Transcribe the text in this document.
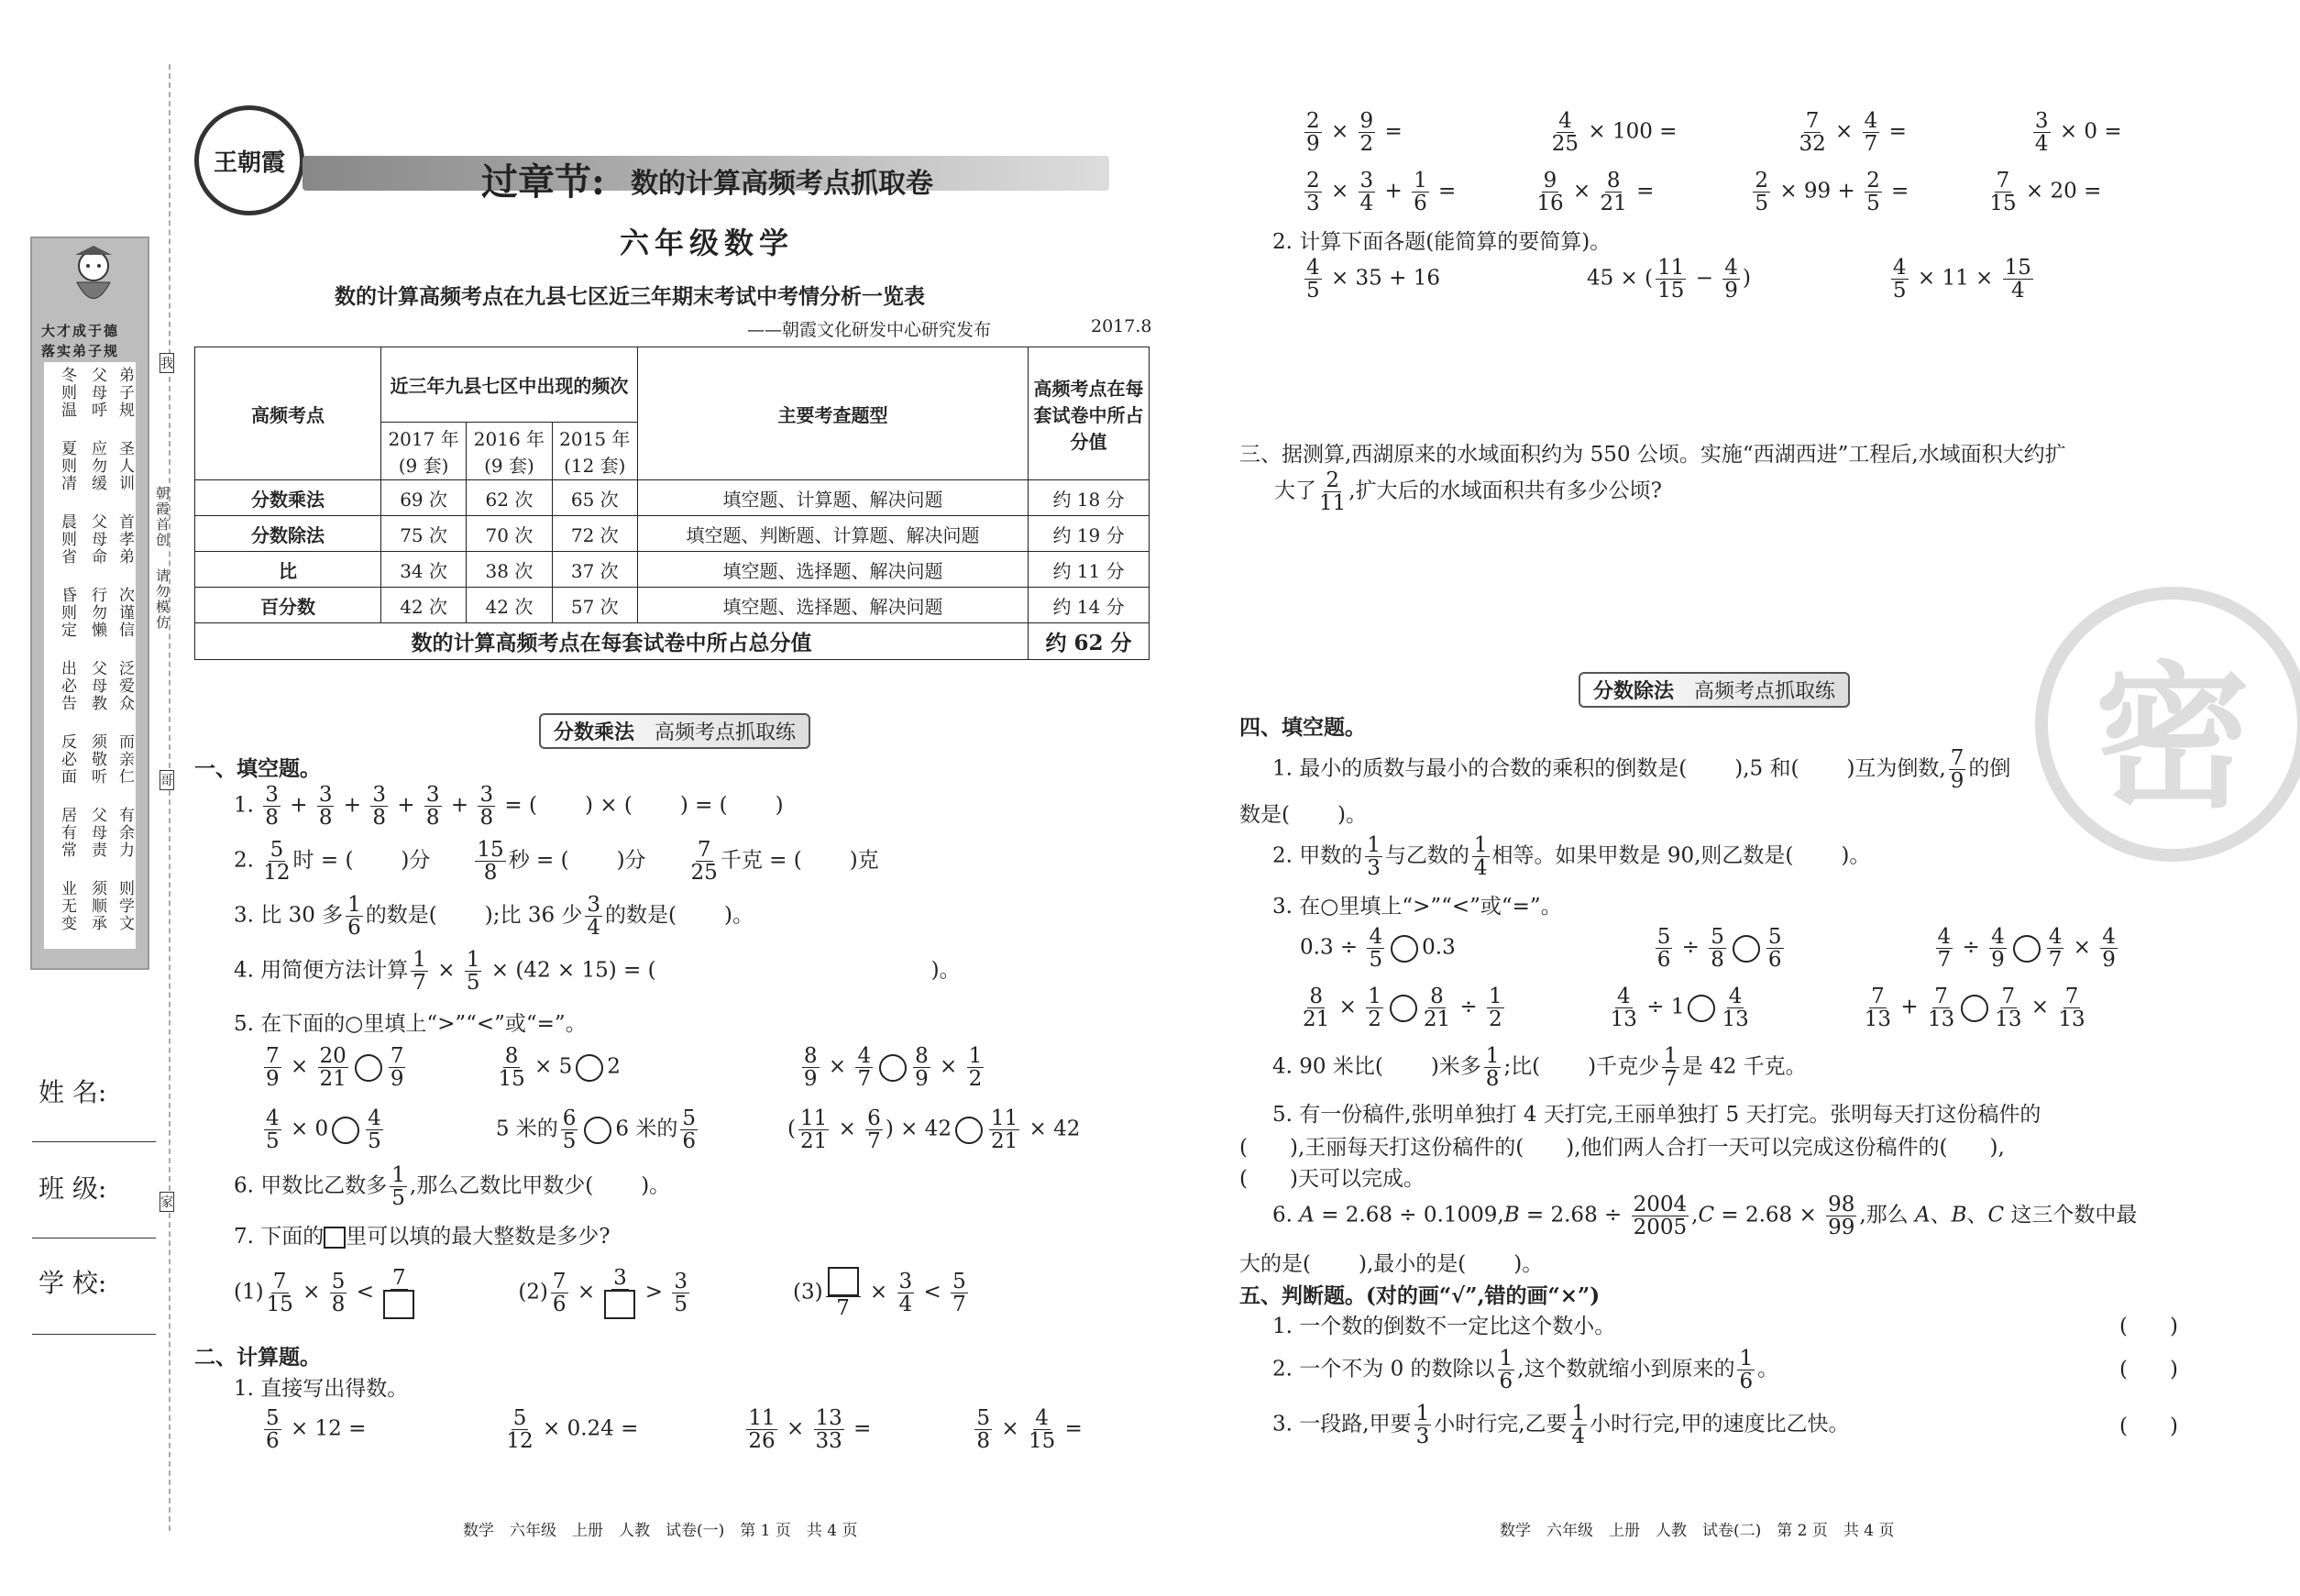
大才成于德
落实弟子规
弟子规
圣人训
首孝弟
次谨信
泛爱众
而亲仁
有余力
则学文
父母呼
应勿缓
父母命
行勿懒
父母教
须敬听
父母责
须顺承
冬则温
夏则凊
晨则省
昏则定
出必告
反必面
居有常
业无变
姓 名:
班 级:
学 校:
朝霞首创
请勿模仿
我
哥
家
王朝霞	过章节: 数的计算高频考点抓取卷
六年级数学
数的计算高频考点在九县七区近三年期末考试中考情分析一览表
——朝霞文化研发中心研究发布	2017.8
高频考点	近三年九县七区中出现的频次			主要考查题型	高频考点在每套试卷中所占分值
	2017 年(9 套)	2016 年(9 套)	2015 年(12 套)		
分数乘法	69 次	62 次	65 次	填空题、计算题、解决问题	约 18 分
分数除法	75 次	70 次	72 次	填空题、判断题、计算题、解决问题	约 19 分
比	34 次	38 次	37 次	填空题、选择题、解决问题	约 11 分
百分数	42 次	42 次	57 次	填空题、选择题、解决问题	约 14 分
数的计算高频考点在每套试卷中所占总分值					约 62 分
分数乘法　 高频考点抓取练
一、填空题。
1. $\frac{3}{8} + \frac{3}{8} + \frac{3}{8} + \frac{3}{8} + \frac{3}{8}$ = ( ) × ( ) = ( )
2. $\frac{5}{12}$ 时 = ( )分　　 $\frac{15}{8}$ 秒 = ( )分　　 $\frac{7}{25}$ 千克 = ( )克
3. 比 30 多 $\frac{1}{6}$ 的数是( );比 36 少 $\frac{3}{4}$ 的数是( )。
4. 用简便方法计算 $\frac{1}{7} \times \frac{1}{5} \times (42 \times 15)$ = (	)。
5. 在下面的○里填上“>”“<”或“=”。
$\frac{7}{9} \times \frac{20}{21} \frac{7}{9}$	$\frac{8}{15} \times 5$ 2	$\frac{8}{9} \times \frac{4}{7} \frac{8}{9} \times \frac{1}{2}$
$\frac{4}{5} \times 0 \frac{4}{5}$	5 米的 $\frac{6}{5} 6$ 米的 $\frac{5}{6}$	( $\frac{11}{21} \times \frac{6}{7}$ ) × $42 \frac{11}{21} \times 42$
6. 甲数比乙数多 $\frac{1}{5}$ ,那么乙数比甲数少( )。
7. 下面的 里可以填的最大整数是多少?
$(1) \frac{7}{15} \times \frac{5}{8}$ <
7
$(2) \frac{7}{6}$ ×
3
> $\frac{3}{5}$	(3)
7
× $\frac{3}{4} < \frac{5}{7}$
二、计算题。
1. 直接写出得数。
$\frac{5}{6} \times 12$ =	$\frac{5}{12} \times 0.24$ =	$\frac{11}{26} \times \frac{13}{33}$ =	$\frac{5}{8} \times \frac{4}{15}$ =
数学　六年级　上册　人教　试卷(一)　第 1 页　共 4 页
$\frac{2}{9} \times \frac{9}{2}$ =	$\frac{4}{25} \times 100$ =	$\frac{7}{32} \times \frac{4}{7}$ =	$\frac{3}{4} \times 0$ =
$\frac{2}{3} \times \frac{3}{4} + \frac{1}{6}$ =	$\frac{9}{16} \times \frac{8}{21}$ =	$\frac{2}{5} \times 99 + \frac{2}{5}$ =	$\frac{7}{15} \times 20$ =
2. 计算下面各题(能简算的要简算)。
$\frac{4}{5} \times 35 + 16$	45 × ( $\frac{11}{15} - \frac{4}{9}$ )	$\frac{4}{5} \times 11 \times \frac{15}{4}$
三、据测算,西湖原来的水域面积约为 550 公顷。实施“西湖西进”工程后,水域面积大约扩
大了 $\frac{2}{11}$ ,扩大后的水域面积共有多少公顷?
密
分数除法　 高频考点抓取练
四、填空题。
1. 最小的质数与最小的合数的乘积的倒数是( ),5 和( )互为倒数, $\frac{7}{9}$ 的倒
数是( )。
2. 甲数的 $\frac{1}{3}$ 与乙数的 $\frac{1}{4}$ 相等。如果甲数是 90,则乙数是( )。
3. 在○里填上“>”“<”或“=”。
$0.3 \div \frac{4}{5} 0.3$	$\frac{5}{6} \div \frac{5}{8} \frac{5}{6}$	$\frac{4}{7} \div \frac{4}{9} \frac{4}{7} \times \frac{4}{9}$
$\frac{8}{21} \times \frac{1}{2} \frac{8}{21} \div \frac{1}{2}$	$\frac{4}{13} \div 1 \frac{4}{13}$	$\frac{7}{13} + \frac{7}{13} \frac{7}{13} \times \frac{7}{13}$
4. 90 米比( )米多 $\frac{1}{8}$ ;比( )千克少 $\frac{1}{7}$ 是 42 千克。
5. 有一份稿件,张明单独打 4 天打完,王丽单独打 5 天打完。张明每天打这份稿件的
(　　),王丽每天打这份稿件的(　　),他们两人合打一天可以完成这份稿件的(　　),
(　　)天可以完成。
6. $A = 2.68 \div 0.1009,B = 2.68 \div \frac{2004}{2005} ,C = 2.68 \times \frac{98}{99}$ ,那么 A、B、C 这三个数中最
大的是( ),最小的是( )。
五、判断题。(对的画“√”,错的画“×”)
1. 一个数的倒数不一定比这个数小。	(　　)
2. 一个不为 0 的数除以 $\frac{1}{6}$ ,这个数就缩小到原来的 $\frac{1}{6}$ 。	(　　)
3. 一段路,甲要 $\frac{1}{3}$ 小时行完,乙要 $\frac{1}{4}$ 小时行完,甲的速度比乙快。	(　　)
数学　六年级　上册　人教　试卷(二)　第 2 页　共 4 页
